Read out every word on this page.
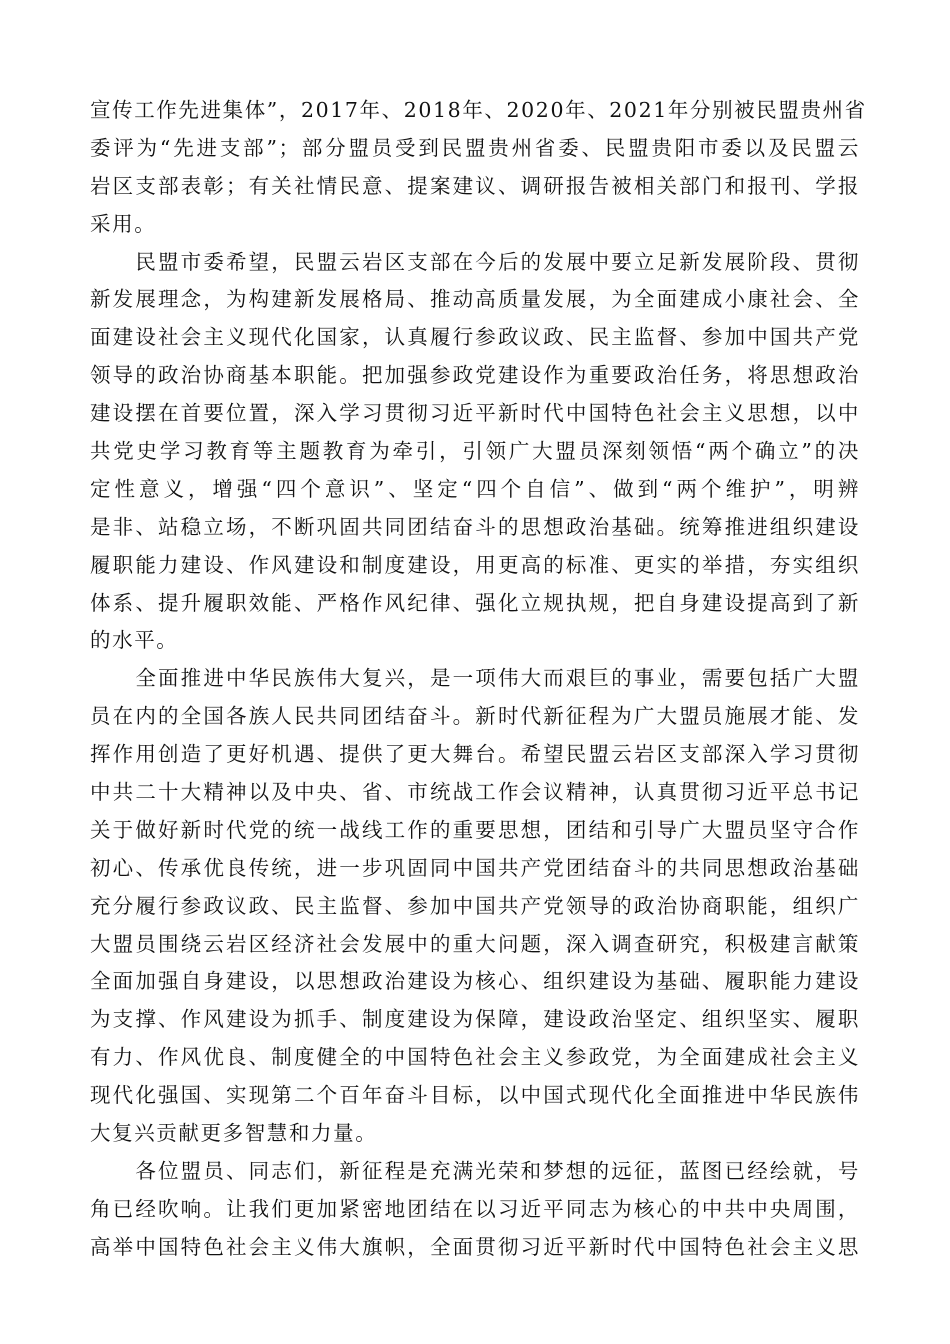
宣传工作先进集体”，2017年、2018年、2020年、2021年分别被民盟贵州省
委评为“先进支部”；部分盟员受到民盟贵州省委、民盟贵阳市委以及民盟云
岩区支部表彰；有关社情民意、提案建议、调研报告被相关部门和报刊、学报
采用。
　　民盟市委希望，民盟云岩区支部在今后的发展中要立足新发展阶段、贯彻
新发展理念，为构建新发展格局、推动高质量发展，为全面建成小康社会、全
面建设社会主义现代化国家，认真履行参政议政、民主监督、参加中国共产党
领导的政治协商基本职能。把加强参政党建设作为重要政治任务，将思想政治
建设摆在首要位置，深入学习贯彻习近平新时代中国特色社会主义思想，以中
共党史学习教育等主题教育为牵引，引领广大盟员深刻领悟“两个确立”的决
定性意义，增强“四个意识”、坚定“四个自信”、做到“两个维护”，明辨
是非、站稳立场，不断巩固共同团结奋斗的思想政治基础。统筹推进组织建设
履职能力建设、作风建设和制度建设，用更高的标准、更实的举措，夯实组织
体系、提升履职效能、严格作风纪律、强化立规执规，把自身建设提高到了新
的水平。
　　全面推进中华民族伟大复兴，是一项伟大而艰巨的事业，需要包括广大盟
员在内的全国各族人民共同团结奋斗。新时代新征程为广大盟员施展才能、发
挥作用创造了更好机遇、提供了更大舞台。希望民盟云岩区支部深入学习贯彻
中共二十大精神以及中央、省、市统战工作会议精神，认真贯彻习近平总书记
关于做好新时代党的统一战线工作的重要思想，团结和引导广大盟员坚守合作
初心、传承优良传统，进一步巩固同中国共产党团结奋斗的共同思想政治基础
充分履行参政议政、民主监督、参加中国共产党领导的政治协商职能，组织广
大盟员围绕云岩区经济社会发展中的重大问题，深入调查研究，积极建言献策
全面加强自身建设，以思想政治建设为核心、组织建设为基础、履职能力建设
为支撑、作风建设为抓手、制度建设为保障，建设政治坚定、组织坚实、履职
有力、作风优良、制度健全的中国特色社会主义参政党，为全面建成社会主义
现代化强国、实现第二个百年奋斗目标，以中国式现代化全面推进中华民族伟
大复兴贡献更多智慧和力量。
　　各位盟员、同志们，新征程是充满光荣和梦想的远征，蓝图已经绘就，号
角已经吹响。让我们更加紧密地团结在以习近平同志为核心的中共中央周围，
高举中国特色社会主义伟大旗帜，全面贯彻习近平新时代中国特色社会主义思
